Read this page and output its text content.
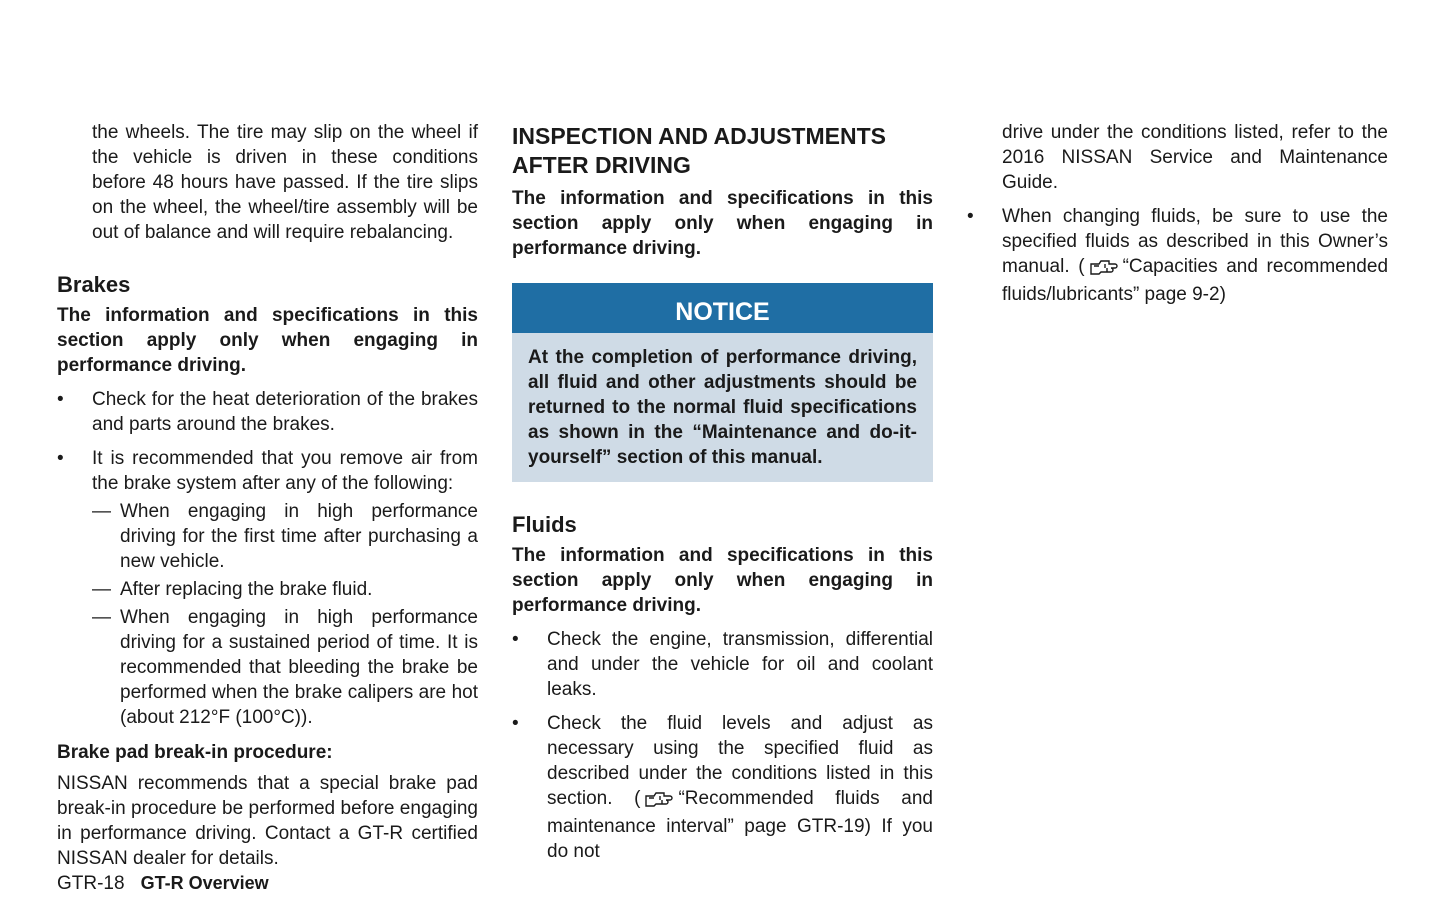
the wheels. The tire may slip on the wheel if the vehicle is driven in these conditions before 48 hours have passed. If the tire slips on the wheel, the wheel/tire assembly will be out of balance and will require rebalancing.

Brakes

The information and specifications in this section apply only when engaging in performance driving.

• Check for the heat deterioration of the brakes and parts around the brakes.
• It is recommended that you remove air from the brake system after any of the following:
— When engaging in high performance driving for the first time after purchasing a new vehicle.
— After replacing the brake fluid.
— When engaging in high performance driving for a sustained period of time. It is recommended that bleeding the brake be performed when the brake calipers are hot (about 212°F (100°C)).

Brake pad break-in procedure:

NISSAN recommends that a special brake pad break-in procedure be performed before engaging in performance driving. Contact a GT-R certified NISSAN dealer for details.

INSPECTION AND ADJUSTMENTS AFTER DRIVING

The information and specifications in this section apply only when engaging in performance driving.

NOTICE
At the completion of performance driving, all fluid and other adjustments should be returned to the normal fluid specifications as shown in the “Maintenance and do-it-yourself” section of this manual.
Fluids

The information and specifications in this section apply only when engaging in performance driving.

• Check the engine, transmission, differential and under the vehicle for oil and coolant leaks.
• Check the fluid levels and adjust as necessary using the specified fluid as described under the conditions listed in this section. ( “Recommended fluids and maintenance interval” page GTR-19) If you do not

drive under the conditions listed, refer to the 2016 NISSAN Service and Maintenance Guide.

• When changing fluids, be sure to use the specified fluids as described in this Owner’s manual. ( “Capacities and recommended fluids/lubricants” page 9-2)
GTR-18 GT-R Overview
